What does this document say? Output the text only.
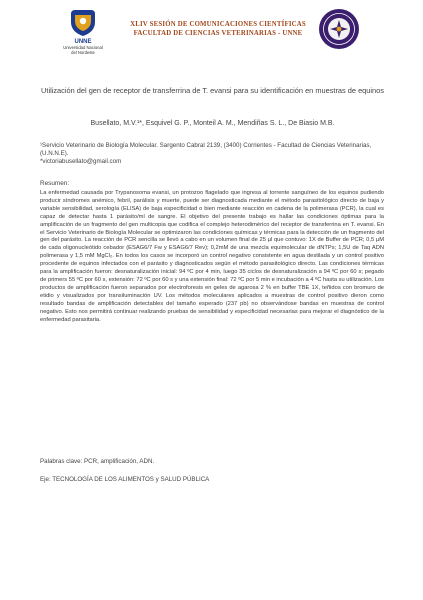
UNNE
Universidad Nacional
del Nordeste
XLIV SESIÓN DE COMUNICACIONES CIENTÍFICAS
FACULTAD DE CIENCIAS VETERINARIAS - UNNE
Utilización del gen de receptor de transferrina de T. evansi para su identificación en muestras de equinos
Busellato, M.V.¹*, Esquivel G. P., Monteil A. M., Mendiñas S. L., De Biasio M.B.
¹Servicio Veterinario de Biología Molecular. Sargento Cabral 2139, (3400) Corrientes - Facultad de Ciencias Veterinarias, (U.N.N.E).
*victoriabusellato@gmail.com
Resumen:
La enfermedad causada por Trypanosoma evansi, un protozoo flagelado que ingresa al torrente sanguíneo de los equinos pudiendo producir síndromes anémico, febril, parálisis y muerte, puede ser diagnosticada mediante el método parasitológico directo de baja y variable sensibilidad, serología (ELISA) de baja especificidad o bien mediante reacción en cadena de la polimerasa (PCR), la cual es capaz de detectar hasta 1 parásito/ml de sangre. El objetivo del presente trabajo es hallar las condiciones óptimas para la amplificación de un fragmento del gen multicopia que codifica el complejo heterodimérico del receptor de transferrina en T. evansi. En el Servicio Veterinario de Biología Molecular se optimizaron las condiciones químicas y térmicas para la detección de un fragmento del gen del parásito. La reacción de PCR sencilla se llevó a cabo en un volumen final de 25 µl que contuvo: 1X de Buffer de PCR; 0,5 µM de cada oligonucleótido cebador (ESAG6/7 Fw y ESAG6/7 Rev); 0,2mM de una mezcla equimolecular de dNTPs; 1,5U de Taq ADN polimerasa y 1,5 mM MgCl₂. En todos los casos se incorporó un control negativo consistente en agua destilada y un control positivo procedente de equinos infectados con el parásito y diagnosticados según el método parasitológico directo. Las condiciones térmicas para la amplificación fueron: desnaturalización inicial: 94 ºC por 4 min, luego 35 ciclos de desnaturalización a 94 ºC por 60 s; pegado de primers 55 ºC por 60 s, extensión: 72 ºC por 60 s y una extensión final: 72 ºC por 5 min e incubación a 4 ºC hasta su utilización. Los productos de amplificación fueron separados por electroforesis en geles de agarosa 2 % en buffer TBE 1X, teñidos con bromuro de etidio y visualizados por transiluminación UV. Los métodos moleculares aplicados a muestras de control positivo dieron como resultado bandas de amplificación detectables del tamaño esperado (237 pb) no observándose bandas en muestras de control negativo. Esto nos permitirá continuar realizando pruebas de sensibilidad y especificidad necesarias para mejorar el diagnóstico de la enfermedad parasitaria.
Palabras clave: PCR, amplificación, ADN.
Eje: TECNOLOGÍA DE LOS ALIMENTOS y SALUD PÚBLICA
